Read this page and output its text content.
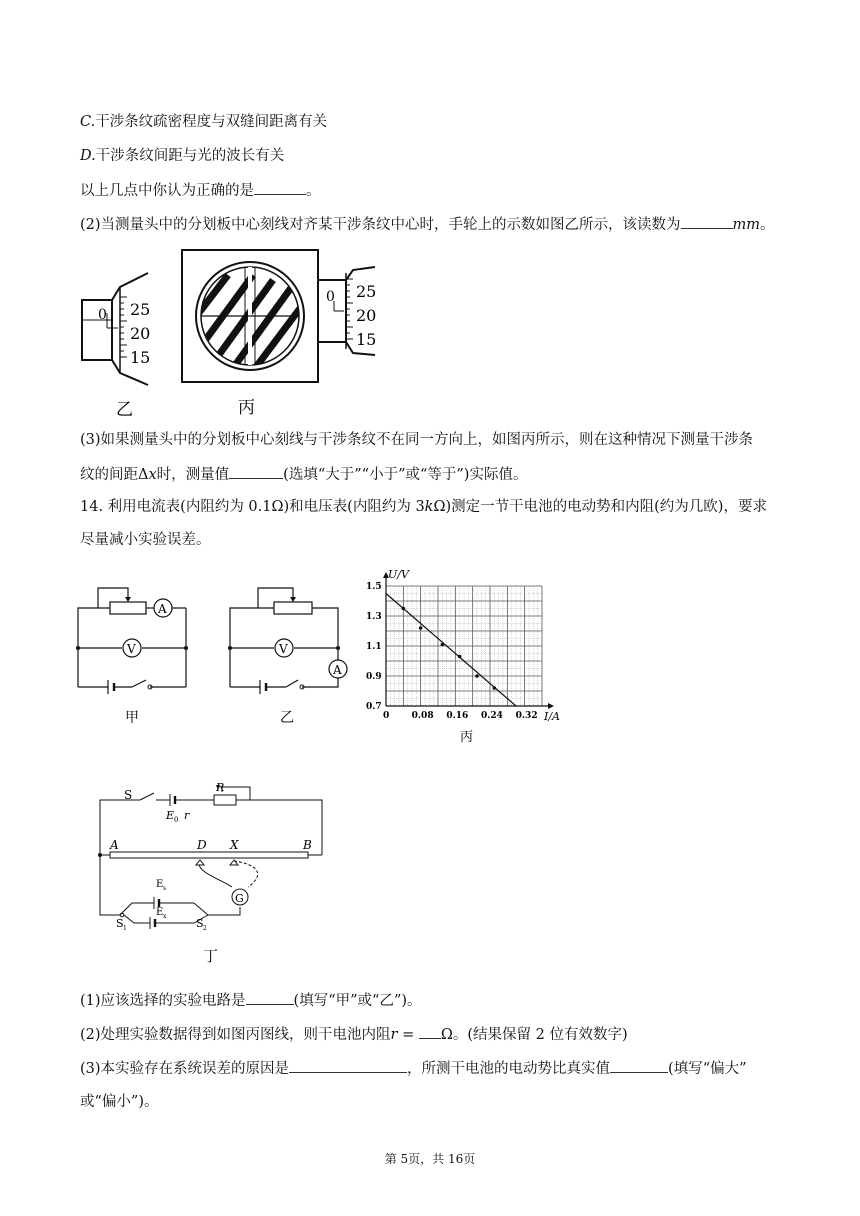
C.干涉条纹疏密程度与双缝间距离有关
D.干涉条纹间距与光的波长有关
以上几点中你认为正确的是	。
(2)当测量头中的分划板中心刻线对齐某干涉条纹中心时，手轮上的示数如图乙所示，该读数为	mm。
25
20
15
0
乙	丙
25
20
15
0
(3)如果测量头中的分划板中心刻线与干涉条纹不在同一方向上，如图丙所示，则在这种情况下测量干涉条
纹的间距Δx时，测量值	(选填“大于”“小于”或“等于”)实际值。
14. 利用电流表(内阻约为 0.1Ω)和电压表(内阻约为 3kΩ)测定一节干电池的电动势和内阻(约为几欧)，要求
尽量减小实验误差。
A
V
甲
V
A
乙	0 0.08 0.16 0.24 0.32
1.5
1.3
1.1
0.9
0.7
U/V
I/A
丙
G
S
E 0 r
R
A	D X	B
E s
E x
S 1	S 2
丁
(1)应该选择的实验电路是	(填写“甲”或“乙”)。
(2)处理实验数据得到如图丙图线，则干电池内阻r = Ω。(结果保留 2 位有效数字)
(3)本实验存在系统误差的原因是	，所测干电池的电动势比真实值	(填写“偏大”
或“偏小”)。
第 5页，共 16页
